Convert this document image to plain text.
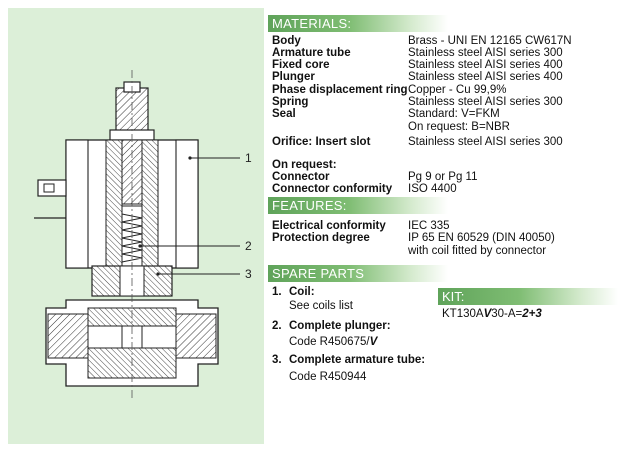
1
2
3
MATERIALS:
Body	Brass - UNI EN 12165 CW617N
Armature tube	Stainless steel AISI series 300
Fixed core	Stainless steel AISI series 400
Plunger	Stainless steel AISI series 400
Phase displacement ring Copper - Cu 99,9%
Spring	Stainless steel AISI series 300
Seal	Standard: V=FKM
On request: B=NBR
Orifice: Insert slot	Stainless steel AISI series 300
On request:
Connector	Pg 9 or Pg 11
Connector conformity ISO 4400
FEATURES:
Electrical conformity IEC 335
Protection degree	IP 65 EN 60529 (DIN 40050)
with coil fitted by connector
SPARE PARTS
1. Coil:
See coils list
2. Complete plunger:
Code R450675/V
3. Complete armature tube:
Code R450944
KIT:
KT130AV30-A=2+3
